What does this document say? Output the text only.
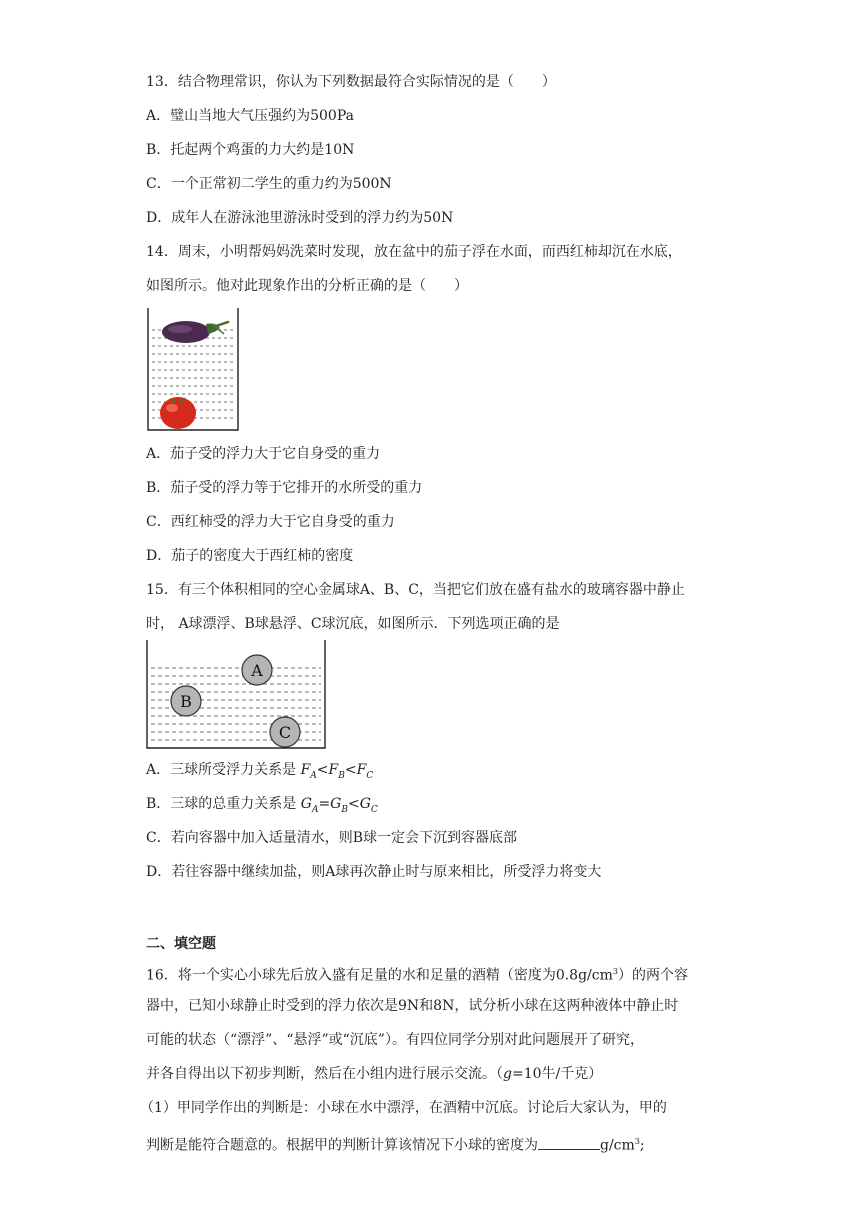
13．结合物理常识，你认为下列数据最符合实际情况的是（　　）
A．璧山当地大气压强约为500Pa
B．托起两个鸡蛋的力大约是10N
C．一个正常初二学生的重力约为500N
D．成年人在游泳池里游泳时受到的浮力约为50N
14．周末，小明帮妈妈洗菜时发现，放在盆中的茄子浮在水面，而西红柿却沉在水底，
如图所示。他对此现象作出的分析正确的是（　　）
A．茄子受的浮力大于它自身受的重力
B．茄子受的浮力等于它排开的水所受的重力
C．西红柿受的浮力大于它自身受的重力
D．茄子的密度大于西红柿的密度
15．有三个体积相同的空心金属球A、B、C，当把它们放在盛有盐水的玻璃容器中静止
时， A球漂浮、B球悬浮、C球沉底，如图所示．下列选项正确的是
A
B
C
A．三球所受浮力关系是 $F_A<F_B<F_C$
B．三球的总重力关系是 $G_A=G_B<G_C$
C．若向容器中加入适量清水，则B球一定会下沉到容器底部
D．若往容器中继续加盐，则A球再次静止时与原来相比，所受浮力将变大
二、填空题
16．将一个实心小球先后放入盛有足量的水和足量的酒精（密度为$0.8g/cm^3$）的两个容
器中，已知小球静止时受到的浮力依次是9N和8N，试分析小球在这两种液体中静止时
可能的状态（“漂浮”、“悬浮”或“沉底”）。有四位同学分别对此问题展开了研究，
并各自得出以下初步判断，然后在小组内进行展示交流。（g=10牛/千克）
（1）甲同学作出的判断是：小球在水中漂浮，在酒精中沉底。讨论后大家认为，甲的
判断是能符合题意的。根据甲的判断计算该情况下小球的密度为	$g/cm^3$;
